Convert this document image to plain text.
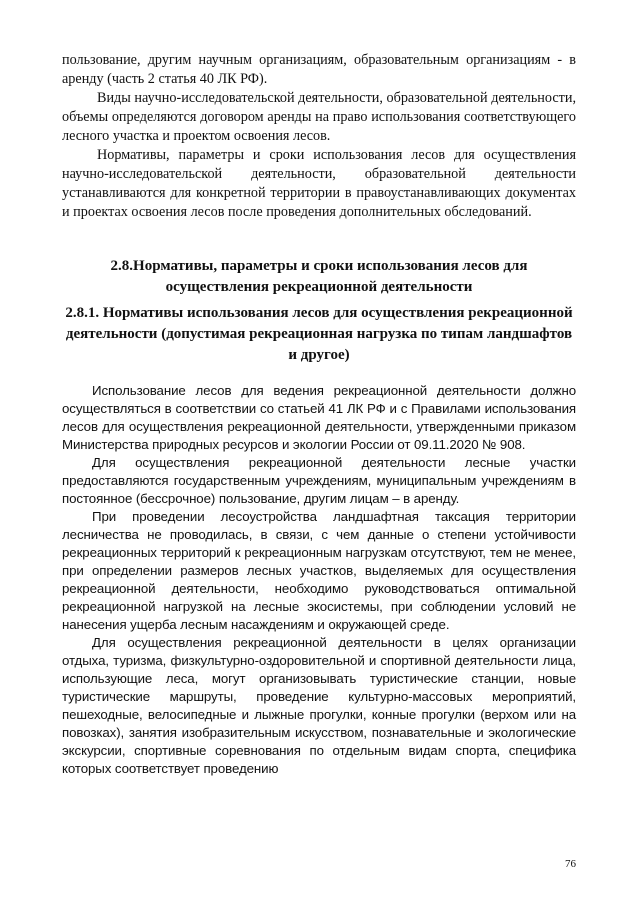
пользование, другим научным организациям, образовательным организациям - в аренду (часть 2 статья 40 ЛК РФ).

Виды научно-исследовательской деятельности, образовательной деятельности, объемы определяются договором аренды на право использования соответствующего лесного участка и проектом освоения лесов.

Нормативы, параметры и сроки использования лесов для осуществления научно-исследовательской деятельности, образовательной деятельности устанавливаются для конкретной территории в правоустанавливающих документах и проектах освоения лесов после проведения дополнительных обследований.

2.8.Нормативы, параметры и сроки использования лесов для осуществления рекреационной деятельности
2.8.1. Нормативы использования лесов для осуществления рекреационной деятельности (допустимая рекреационная нагрузка по типам ландшафтов и другое)

Использование лесов для ведения рекреационной деятельности должно осуществляться в соответствии со статьей 41 ЛК РФ и с Правилами использования лесов для осуществления рекреационной деятельности, утвержденными приказом Министерства природных ресурсов и экологии России от 09.11.2020 № 908.

Для осуществления рекреационной деятельности лесные участки предоставляются государственным учреждениям, муниципальным учреждениям в постоянное (бессрочное) пользование, другим лицам – в аренду.

При проведении лесоустройства ландшафтная таксация территории лесничества не проводилась, в связи, с чем данные о степени устойчивости рекреационных территорий к рекреационным нагрузкам отсутствуют, тем не менее, при определении размеров лесных участков, выделяемых для осуществления рекреационной деятельности, необходимо руководствоваться оптимальной рекреационной нагрузкой на лесные экосистемы, при соблюдении условий не нанесения ущерба лесным насаждениям и окружающей среде.

Для осуществления рекреационной деятельности в целях организации отдыха, туризма, физкультурно-оздоровительной и спортивной деятельности лица, использующие леса, могут организовывать туристические станции, новые туристические маршруты, проведение культурно-массовых мероприятий, пешеходные, велосипедные и лыжные прогулки, конные прогулки (верхом или на повозках), занятия изобразительным искусством, познавательные и экологические экскурсии, спортивные соревнования по отдельным видам спорта, специфика которых соответствует проведению

76
